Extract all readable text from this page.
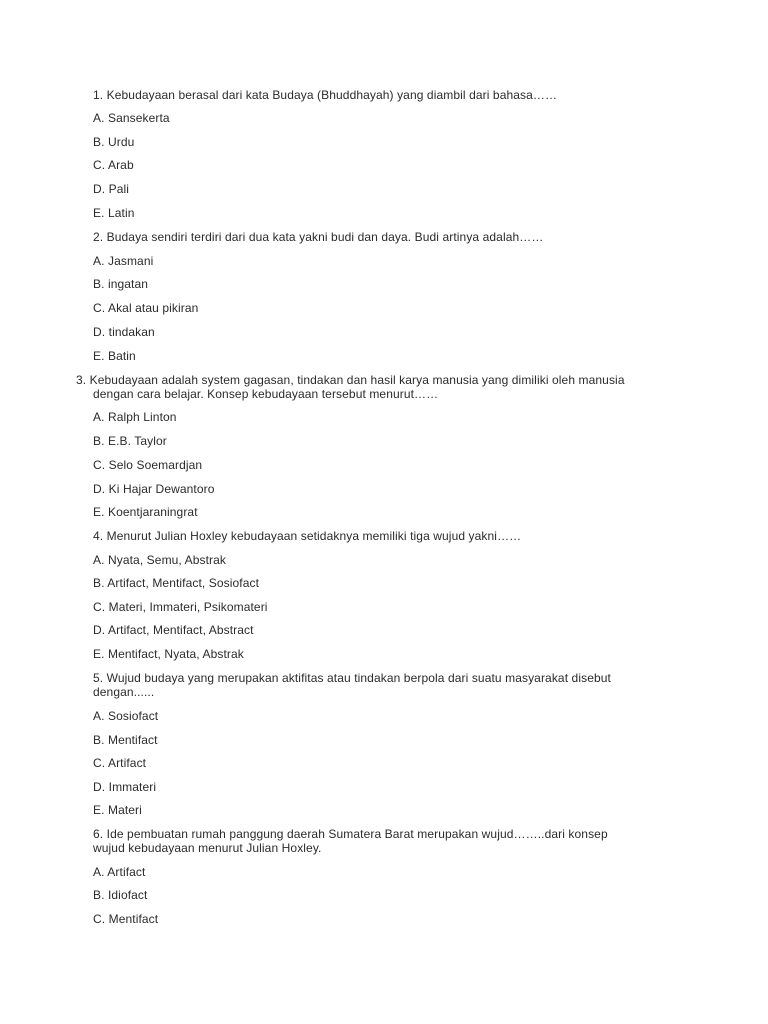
1. Kebudayaan berasal dari kata Budaya (Bhuddhayah) yang diambil dari bahasa……
A. Sansekerta
B. Urdu
C. Arab
D. Pali
E. Latin
2. Budaya sendiri terdiri dari dua kata yakni budi dan daya. Budi artinya adalah……
A. Jasmani
B. ingatan
C. Akal atau pikiran
D. tindakan
E. Batin
3. Kebudayaan adalah system gagasan, tindakan dan hasil karya manusia yang dimiliki oleh manusia
dengan cara belajar. Konsep kebudayaan tersebut menurut……
A. Ralph Linton
B. E.B. Taylor
C. Selo Soemardjan
D. Ki Hajar Dewantoro
E. Koentjaraningrat
4. Menurut Julian Hoxley kebudayaan setidaknya memiliki tiga wujud yakni……
A. Nyata, Semu, Abstrak
B. Artifact, Mentifact, Sosiofact
C. Materi, Immateri, Psikomateri
D. Artifact, Mentifact, Abstract
E. Mentifact, Nyata, Abstrak
5. Wujud budaya yang merupakan aktifitas atau tindakan berpola dari suatu masyarakat disebut
dengan......
A. Sosiofact
B. Mentifact
C. Artifact
D. Immateri
E. Materi
6. Ide pembuatan rumah panggung daerah Sumatera Barat merupakan wujud……..dari konsep
wujud kebudayaan menurut Julian Hoxley.
A. Artifact
B. Idiofact
C. Mentifact
